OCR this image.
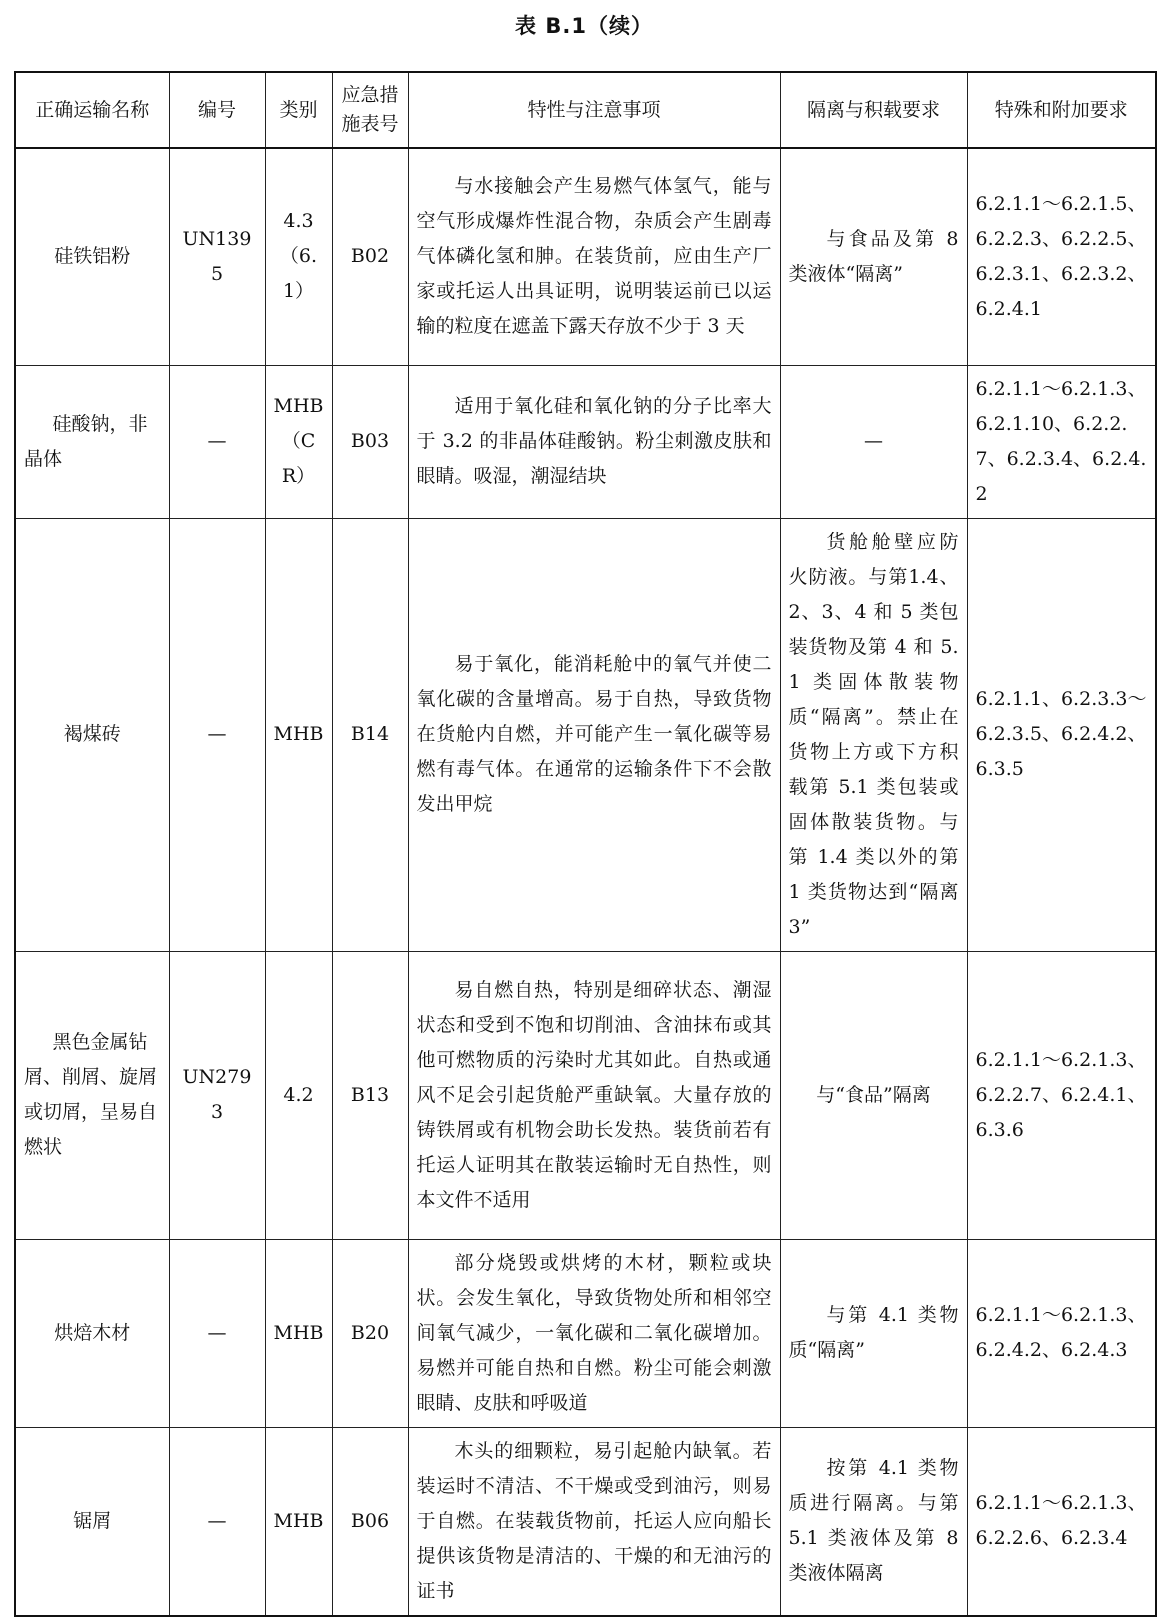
表 B.1（续）
正确运输名称	编号	类别	应急措施表号	特性与注意事项	隔离与积载要求	特殊和附加要求
硅铁铝粉	UN1395	4.3（6.1）	B02	与水接触会产生易燃气体氢气，能与空气形成爆炸性混合物，杂质会产生剧毒气体磷化氢和胂。在装货前，应由生产厂家或托运人出具证明，说明装运前已以运输的粒度在遮盖下露天存放不少于 3 天	与食品及第 8 类液体“隔离”	6.2.1.1～6.2.1.5、6.2.2.3、6.2.2.5、6.2.3.1、6.2.3.2、6.2.4.1

硅酸钠，非晶体	—	MHB（CR）	B03	适用于氧化硅和氧化钠的分子比率大于 3.2 的非晶体硅酸钠。粉尘刺激皮肤和眼睛。吸湿，潮湿结块	—	6.2.1.1～6.2.1.3、6.2.1.10、6.2.2.7、6.2.3.4、6.2.4.2
褐煤砖	—	MHB	B14	易于氧化，能消耗舱中的氧气并使二氧化碳的含量增高。易于自热，导致货物在货舱内自燃，并可能产生一氧化碳等易燃有毒气体。在通常的运输条件下不会散发出甲烷	货舱舱壁应防火防液。与第1.4、2、3、4 和 5 类包装货物及第 4 和 5.1 类固体散装物质“隔离”。禁止在货物上方或下方积载第 5.1 类包装或固体散装货物。与第 1.4 类以外的第 1 类货物达到“隔离 3”	6.2.1.1、6.2.3.3～6.2.3.5、6.2.4.2、6.3.5

黑色金属钻屑、削屑、旋屑或切屑，呈易自燃状	UN2793	4.2	B13	易自燃自热，特别是细碎状态、潮湿状态和受到不饱和切削油、含油抹布或其他可燃物质的污染时尤其如此。自热或通风不足会引起货舱严重缺氧。大量存放的铸铁屑或有机物会助长发热。装货前若有托运人证明其在散装运输时无自热性，则本文件不适用	与“食品”隔离	6.2.1.1～6.2.1.3、6.2.2.7、6.2.4.1、6.3.6
烘焙木材	—	MHB	B20	部分烧毁或烘烤的木材，颗粒或块状。会发生氧化，导致货物处所和相邻空间氧气减少，一氧化碳和二氧化碳增加。易燃并可能自热和自燃。粉尘可能会刺激眼睛、皮肤和呼吸道	与第 4.1 类物质“隔离”	6.2.1.1～6.2.1.3、6.2.4.2、6.2.4.3
锯屑	—	MHB	B06	木头的细颗粒，易引起舱内缺氧。若装运时不清洁、不干燥或受到油污，则易于自燃。在装载货物前，托运人应向船长提供该货物是清洁的、干燥的和无油污的证书	按第 4.1 类物质进行隔离。与第 5.1 类液体及第 8 类液体隔离	6.2.1.1～6.2.1.3、6.2.2.6、6.2.3.4
